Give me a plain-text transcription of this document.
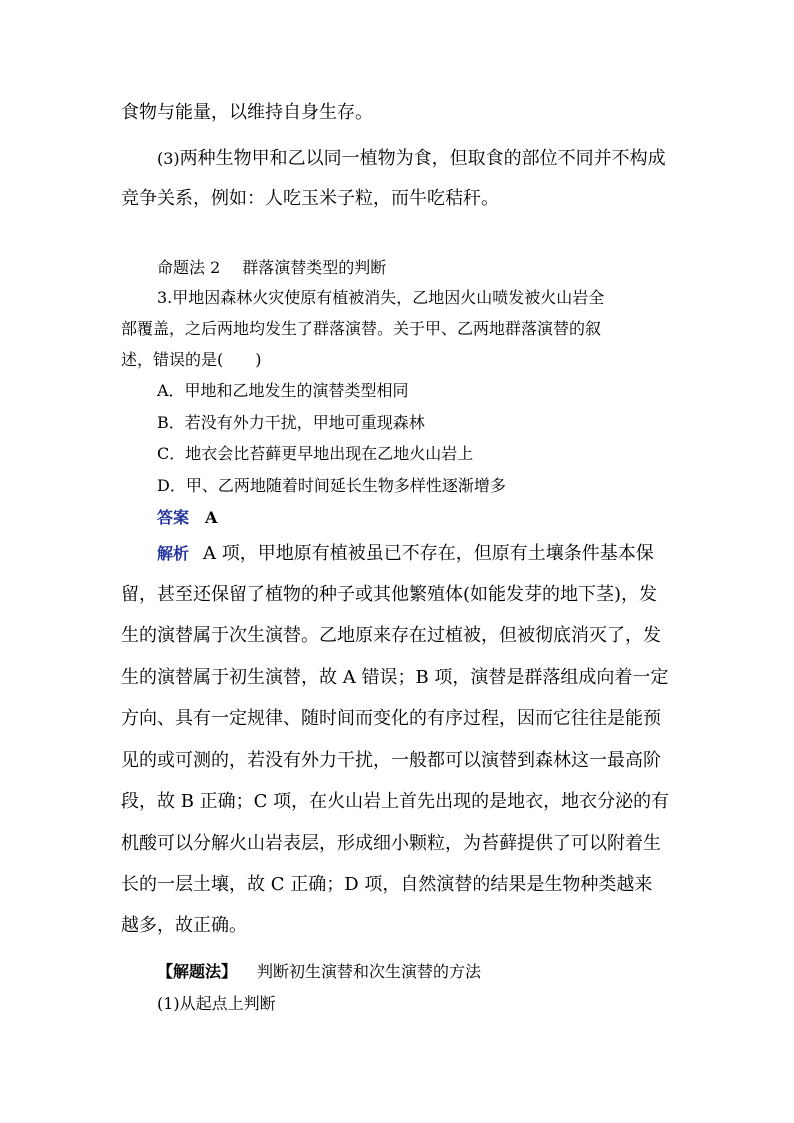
食物与能量，以维持自身生存。

(3)两种生物甲和乙以同一植物为食，但取食的部位不同并不构成

竞争关系，例如：人吃玉米子粒，而牛吃秸秆。

命题法 2 群落演替类型的判断

3.甲地因森林火灾使原有植被消失，乙地因火山喷发被火山岩全

部覆盖，之后两地均发生了群落演替。关于甲、乙两地群落演替的叙

述，错误的是(　　)

A．甲地和乙地发生的演替类型相同

B．若没有外力干扰，甲地可重现森林

C．地衣会比苔藓更早地出现在乙地火山岩上

D．甲、乙两地随着时间延长生物多样性逐渐增多

答案 A

解析 A 项，甲地原有植被虽已不存在，但原有土壤条件基本保

留，甚至还保留了植物的种子或其他繁殖体(如能发芽的地下茎)，发

生的演替属于次生演替。乙地原来存在过植被，但被彻底消灭了，发

生的演替属于初生演替，故 A 错误；B 项，演替是群落组成向着一定

方向、具有一定规律、随时间而变化的有序过程，因而它往往是能预

见的或可测的，若没有外力干扰，一般都可以演替到森林这一最高阶

段，故 B 正确；C 项，在火山岩上首先出现的是地衣，地衣分泌的有

机酸可以分解火山岩表层，形成细小颗粒，为苔藓提供了可以附着生

长的一层土壤，故 C 正确；D 项，自然演替的结果是生物种类越来

越多，故正确。

【解题法】 判断初生演替和次生演替的方法

(1)从起点上判断
